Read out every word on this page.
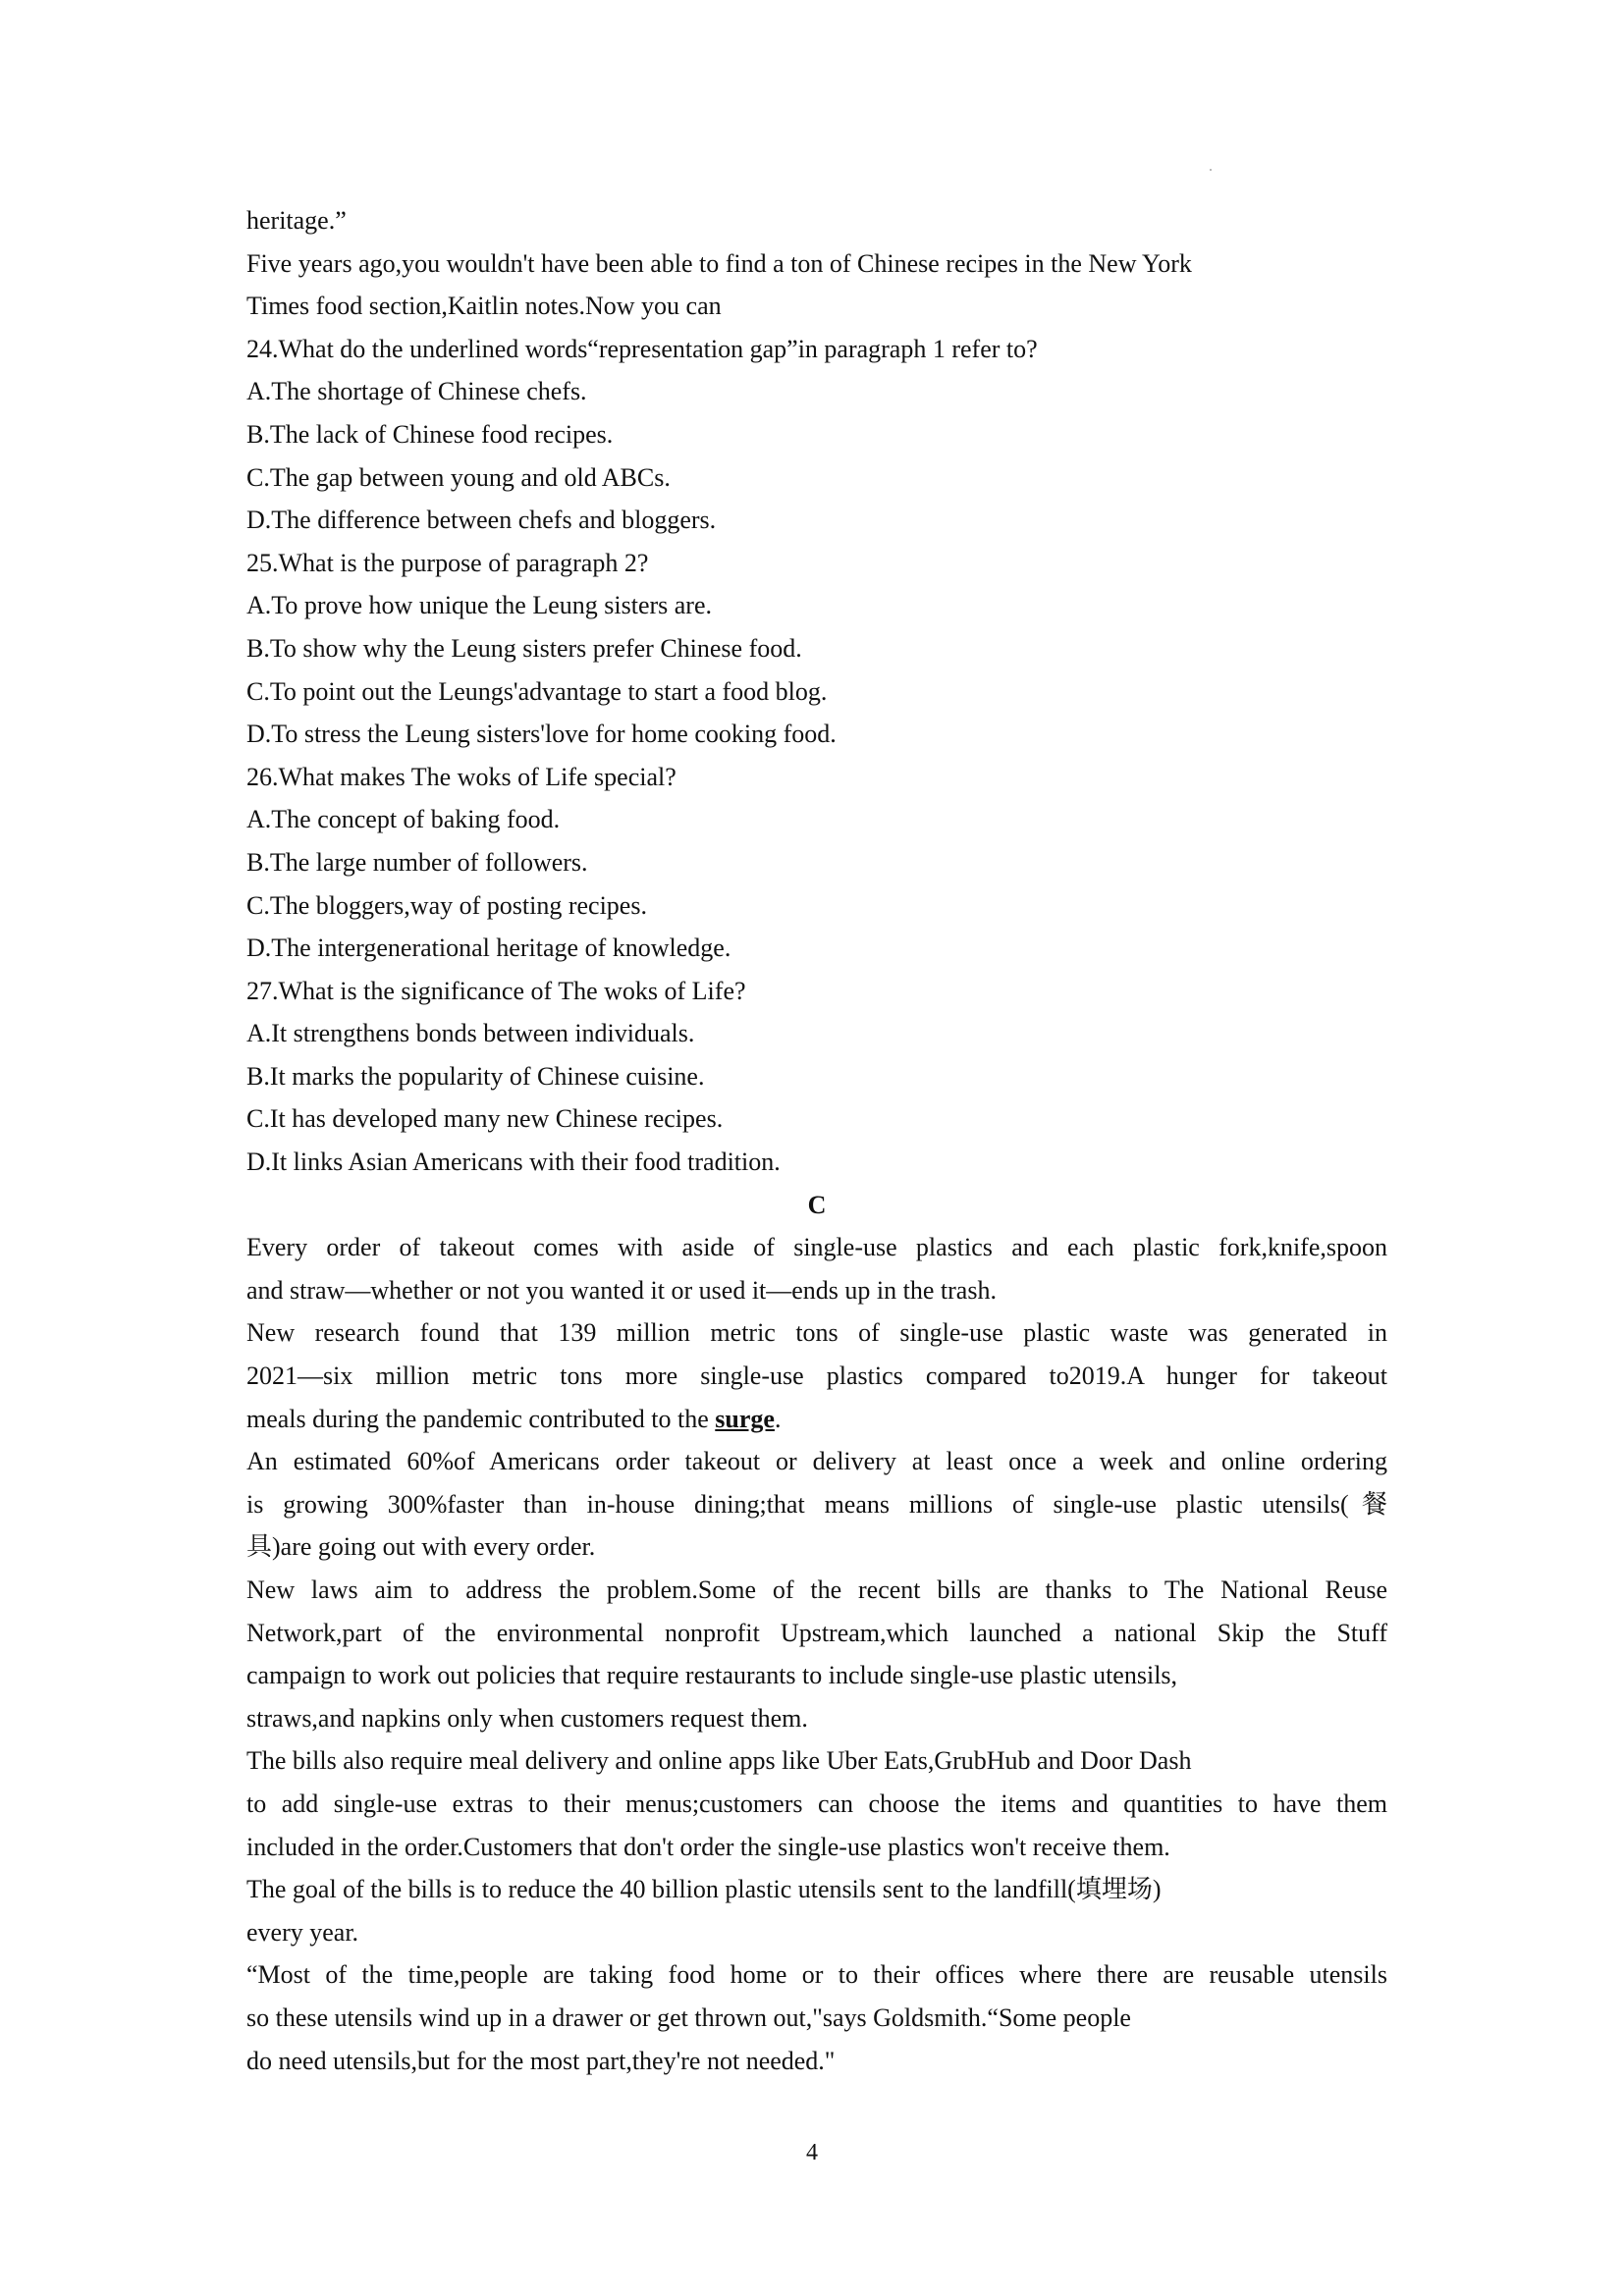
heritage.”
Five years ago,you wouldn't have been able to find a ton of Chinese recipes in the New York
Times food section,Kaitlin notes.Now you can
24.What do the underlined words“representation gap”in paragraph 1 refer to?
A.The shortage of Chinese chefs.
B.The lack of Chinese food recipes.
C.The gap between young and old ABCs.
D.The difference between chefs and bloggers.
25.What is the purpose of paragraph 2?
A.To prove how unique the Leung sisters are.
B.To show why the Leung sisters prefer Chinese food.
C.To point out the Leungs'advantage to start a food blog.
D.To stress the Leung sisters'love for home cooking food.
26.What makes The woks of Life special?
A.The concept of baking food.
B.The large number of followers.
C.The bloggers,way of posting recipes.
D.The intergenerational heritage of knowledge.
27.What is the significance of The woks of Life?
A.It strengthens bonds between individuals.
B.It marks the popularity of Chinese cuisine.
C.It has developed many new Chinese recipes.
D.It links Asian Americans with their food tradition.
C
Every order of takeout comes with aside of single-use plastics and each plastic fork,knife,spoon
and straw—whether or not you wanted it or used it—ends up in the trash.
New research found that 139 million metric tons of single-use plastic waste was generated in
2021—six million metric tons more single-use plastics compared to2019.A hunger for takeout
meals during the pandemic contributed to the surge.
An estimated 60%of Americans order takeout or delivery at least once a week and online ordering
is growing 300%faster than in-house dining;that means millions of single-use plastic utensils(餐
具)are going out with every order.
New laws aim to address the problem.Some of the recent bills are thanks to The National Reuse
Network,part of the environmental nonprofit Upstream,which launched a national Skip the Stuff
campaign to work out policies that require restaurants to include single-use plastic utensils,
straws,and napkins only when customers request them.
The bills also require meal delivery and online apps like Uber Eats,GrubHub and Door Dash
to add single-use extras to their menus;customers can choose the items and quantities to have them
included in the order.Customers that don't order the single-use plastics won't receive them.
The goal of the bills is to reduce the 40 billion plastic utensils sent to the landfill(填埋场)
every year.
“Most of the time,people are taking food home or to their offices where there are reusable utensils
so these utensils wind up in a drawer or get thrown out,"says Goldsmith.“Some people
do need utensils,but for the most part,they're not needed."
4
